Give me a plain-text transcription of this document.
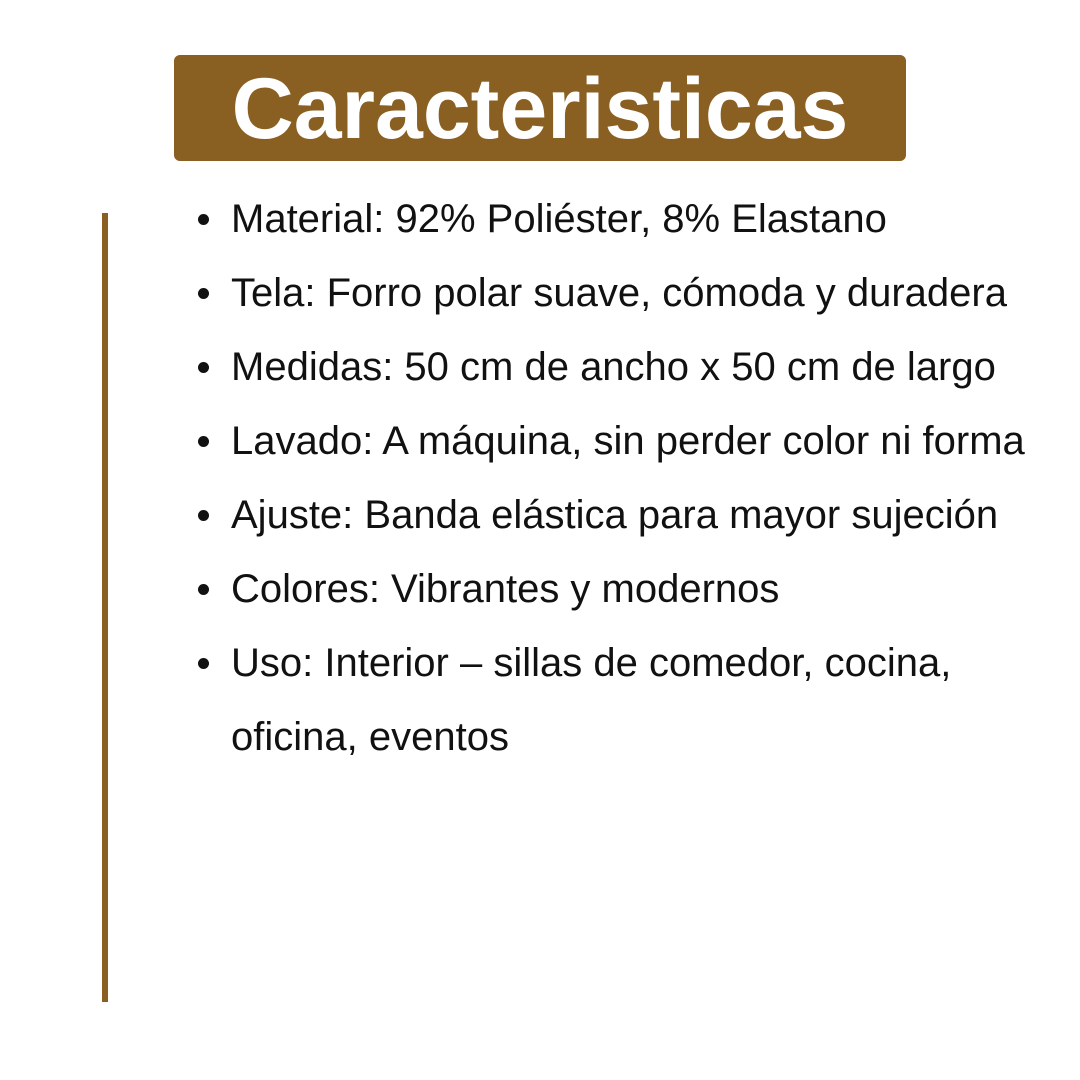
Caracteristicas
Material: 92% Poliéster, 8% Elastano
Tela: Forro polar suave, cómoda y duradera
Medidas: 50 cm de ancho x 50 cm de largo
Lavado: A máquina, sin perder color ni forma
Ajuste: Banda elástica para mayor sujeción
Colores: Vibrantes y modernos
Uso: Interior – sillas de comedor, cocina, oficina, eventos
